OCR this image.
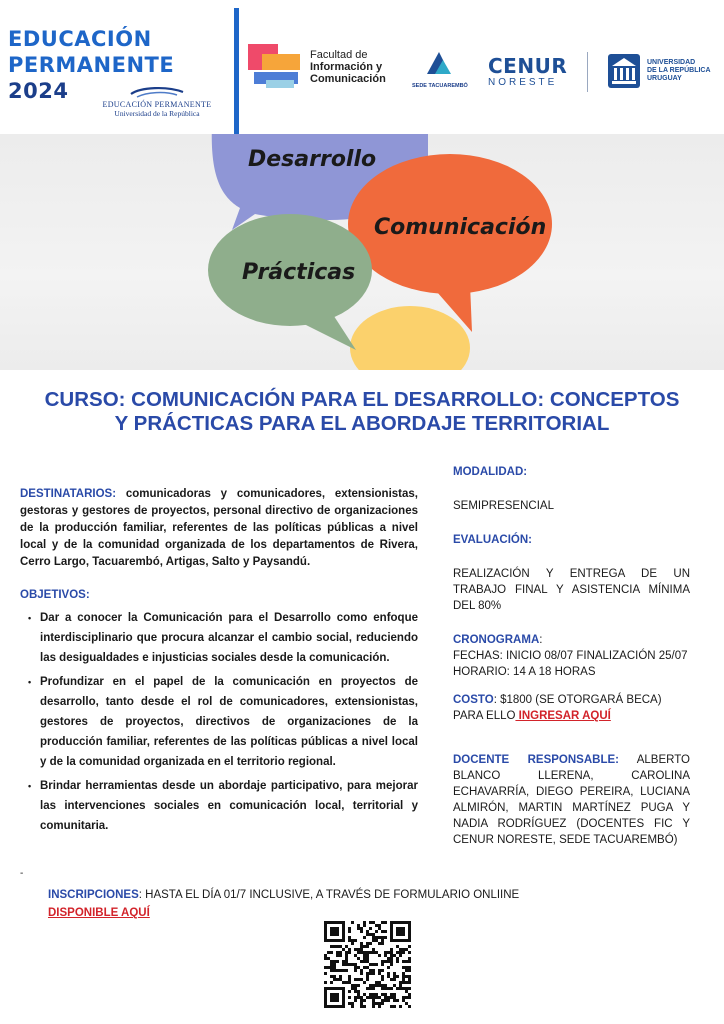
EDUCACIÓN
PERMANENTE
2024
EDUCACIÓN PERMANENTE
Universidad de la República
Facultad de
Información y
Comunicación
SEDE TACUAREMBÓ
CENUR
NORESTE
UNIVERSIDAD
DE LA REPÚBLICA
URUGUAY
Desarrollo
Comunicación
Prácticas
CURSO: COMUNICACIÓN PARA EL DESARROLLO: CONCEPTOS
Y PRÁCTICAS PARA EL ABORDAJE TERRITORIAL

DESTINATARIOS: comunicadoras y comunicadores, extensionistas, gestoras y gestores de proyectos, personal directivo de organizaciones de la producción familiar, referentes de las políticas públicas a nivel local y de la comunidad organizada de los departamentos de Rivera, Cerro Largo, Tacuarembó, Artigas, Salto y Paysandú.

OBJETIVOS:
• Dar a conocer la Comunicación para el Desarrollo como enfoque interdisciplinario que procura alcanzar el cambio social, reduciendo las desigualdades e injusticias sociales desde la comunicación.
• Profundizar en el papel de la comunicación en proyectos de desarrollo, tanto desde el rol de comunicadores, extensionistas, gestores de proyectos, directivos de organizaciones de la producción familiar, referentes de las políticas públicas a nivel local y de la comunidad organizada en el territorio regional.
• Brindar herramientas desde un abordaje participativo, para mejorar las intervenciones sociales en comunicación local, territorial y comunitaria.
-
MODALIDAD:
SEMIPRESENCIAL
EVALUACIÓN:
REALIZACIÓN Y ENTREGA DE UN TRABAJO FINAL Y ASISTENCIA MÍNIMA DEL 80%
CRONOGRAMA:
FECHAS: INICIO 08/07 FINALIZACIÓN 25/07
HORARIO: 14 A 18 HORAS
COSTO: $1800 (SE OTORGARÁ BECA) PARA ELLO INGRESAR AQUÍ
DOCENTE RESPONSABLE: ALBERTO BLANCO LLERENA, CAROLINA ECHAVARRÍA, DIEGO PEREIRA, LUCIANA ALMIRÓN, MARTIN MARTÍNEZ PUGA Y NADIA RODRÍGUEZ (DOCENTES FIC Y CENUR NORESTE, SEDE TACUAREMBÓ)
INSCRIPCIONES: HASTA EL DÍA 01/7 INCLUSIVE, A TRAVÉS DE FORMULARIO ONLIINE
DISPONIBLE AQUÍ
